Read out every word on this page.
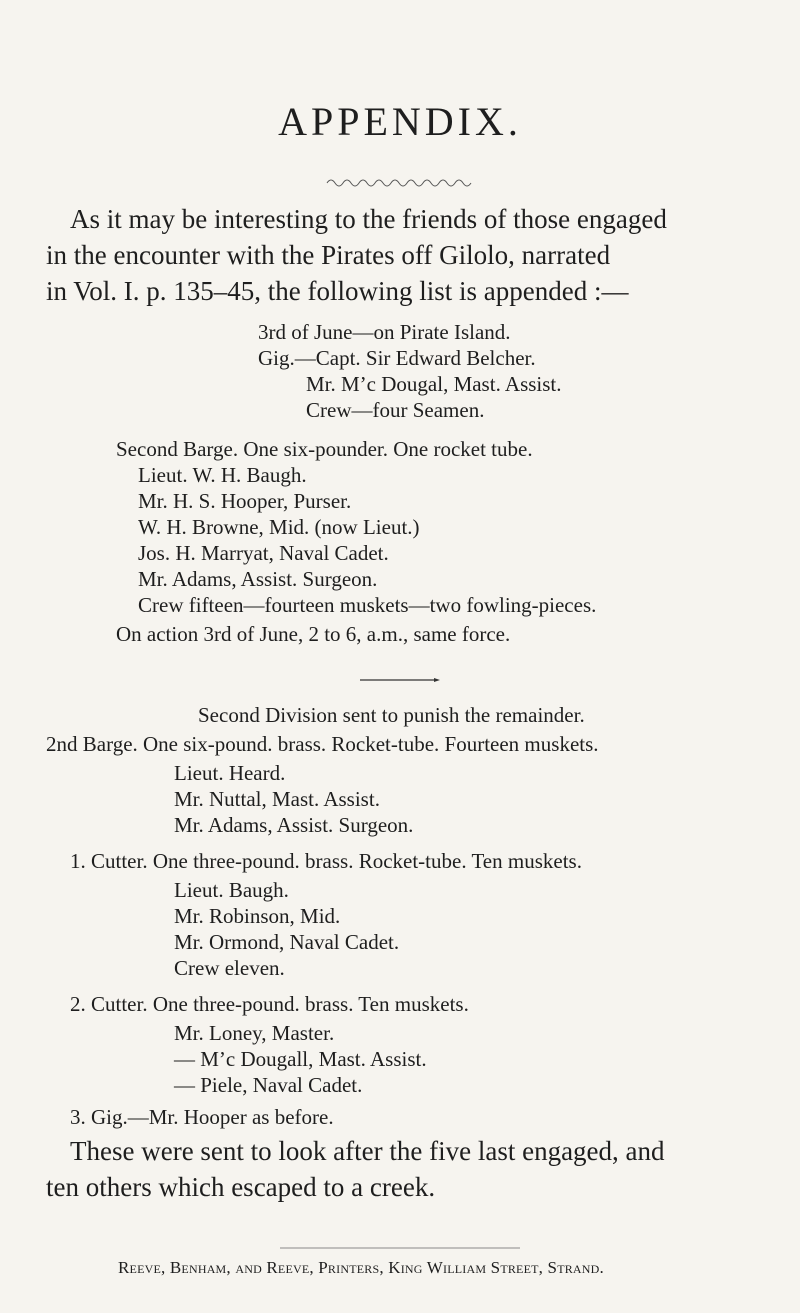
APPENDIX.
As it may be interesting to the friends of those engaged
in the encounter with the Pirates off Gilolo, narrated
in Vol. I. p. 135–45, the following list is appended :—
3rd of June—on Pirate Island.
Gig.—Capt. Sir Edward Belcher.
Mr. M’c Dougal, Mast. Assist.
Crew—four Seamen.
Second Barge. One six-pounder. One rocket tube.
Lieut. W. H. Baugh.
Mr. H. S. Hooper, Purser.
W. H. Browne, Mid. (now Lieut.)
Jos. H. Marryat, Naval Cadet.
Mr. Adams, Assist. Surgeon.
Crew fifteen—fourteen muskets—two fowling-pieces.
On action 3rd of June, 2 to 6, a.m., same force.
Second Division sent to punish the remainder.
2nd Barge. One six-pound. brass. Rocket-tube. Fourteen muskets.
Lieut. Heard.
Mr. Nuttal, Mast. Assist.
Mr. Adams, Assist. Surgeon.
1. Cutter. One three-pound. brass. Rocket-tube. Ten muskets.
Lieut. Baugh.
Mr. Robinson, Mid.
Mr. Ormond, Naval Cadet.
Crew eleven.
2. Cutter. One three-pound. brass. Ten muskets.
Mr. Loney, Master.
— M’c Dougall, Mast. Assist.
— Piele, Naval Cadet.
3. Gig.—Mr. Hooper as before.
These were sent to look after the five last engaged, and
ten others which escaped to a creek.
Reeve, Benham, and Reeve, Printers, King William Street, Strand.
